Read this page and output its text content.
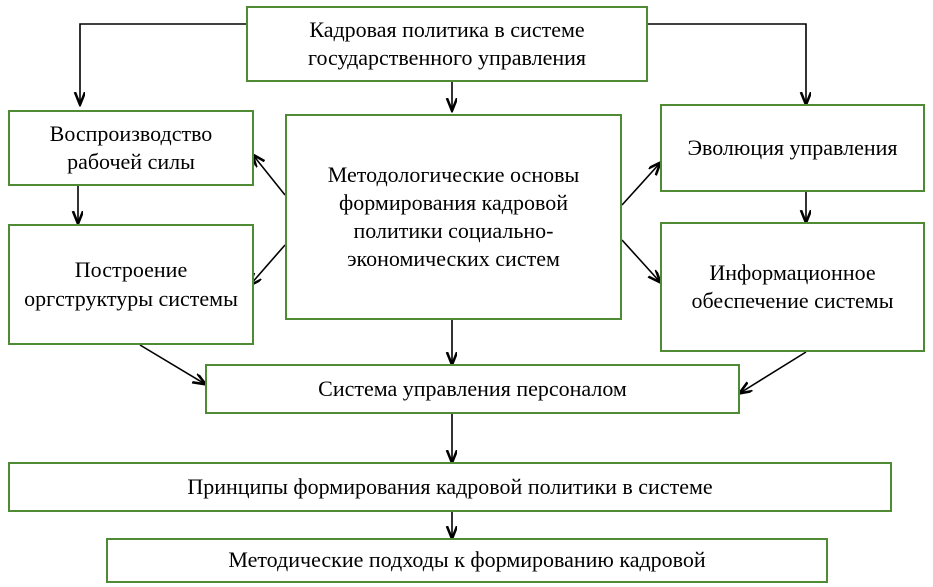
Кадровая политика в системе государственного управления
Воспроизводство рабочей силы
Методологические основы формирования кадровой политики социально-экономических систем
Эволюция управления
Построение оргструктуры системы
Информационное обеспечение системы
Система управления персоналом
Принципы формирования кадровой политики в системе
Методические подходы к формированию кадровой
